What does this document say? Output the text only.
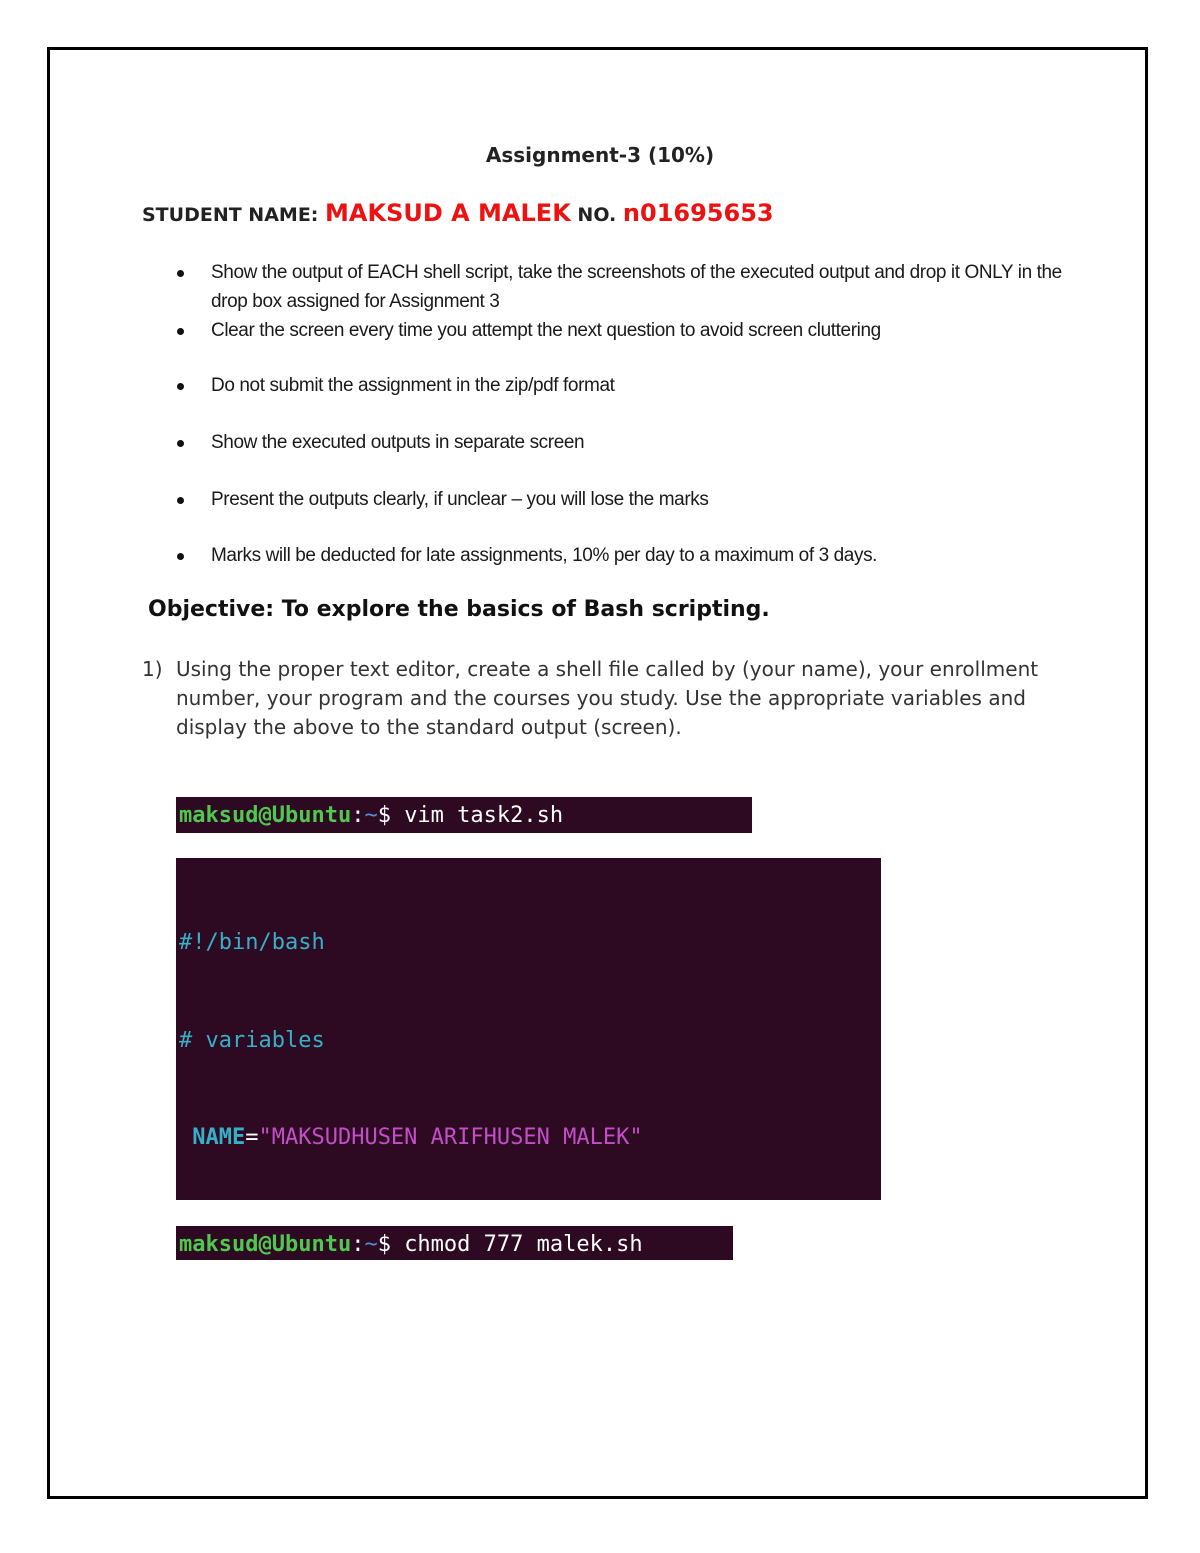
Assignment-3 (10%)
STUDENT NAME: MAKSUD A MALEK NO. n01695653
Show the output of EACH shell script, take the screenshots of the executed output and drop it ONLY in the drop box assigned for Assignment 3
Clear the screen every time you attempt the next question to avoid screen cluttering
Do not submit the assignment in the zip/pdf format
Show the executed outputs in separate screen
Present the outputs clearly, if unclear – you will lose the marks
Marks will be deducted for late assignments, 10% per day to a maximum of 3 days.
Objective: To explore the basics of Bash scripting.
1) Using the proper text editor, create a shell file called by (your name), your enrollment number, your program and the courses you study. Use the appropriate variables and display the above to the standard output (screen).
maksud@Ubuntu:~$ vim task2.sh

#!/bin/bash

# variables

NAME="MAKSUDHUSEN ARIFHUSEN MALEK"

maksud@Ubuntu:~$ chmod 777 malek.sh
